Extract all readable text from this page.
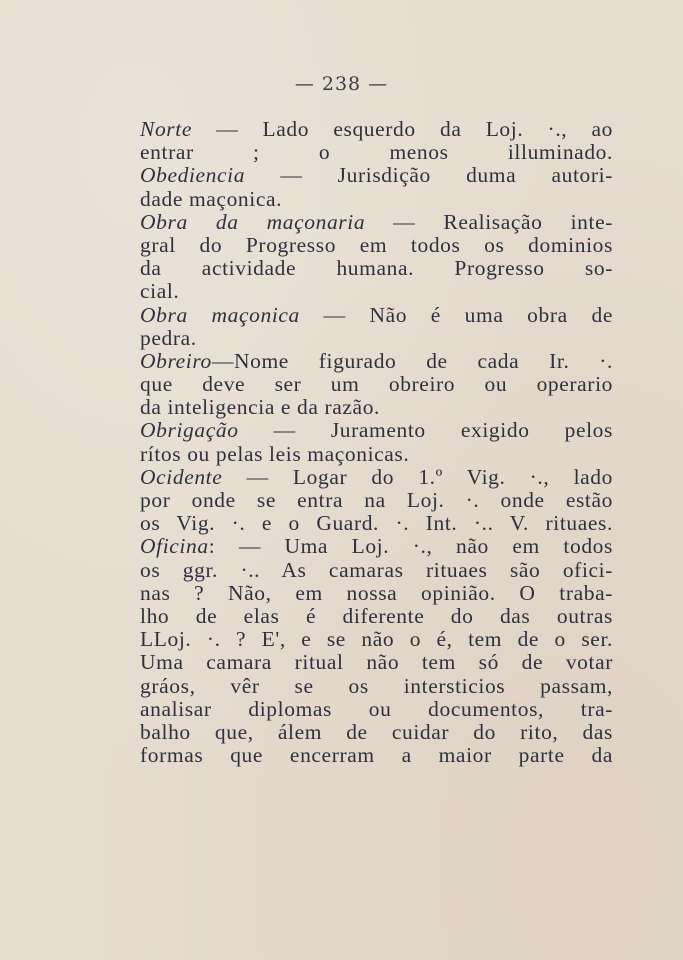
— 238 —
Norte — Lado esquerdo da Loj. ·., ao
entrar ; o menos illuminado.
Obediencia — Jurisdição duma autori-
dade maçonica.
Obra da maçonaria — Realisação inte-
gral do Progresso em todos os dominios
da actividade humana. Progresso so-
cial.
Obra maçonica — Não é uma obra de
pedra.
Obreiro—Nome figurado de cada Ir. ·.
que deve ser um obreiro ou operario
da inteligencia e da razão.
Obrigação — Juramento exigido pelos
rítos ou pelas leis maçonicas.
Ocidente — Logar do 1.º Vig. ·., lado
por onde se entra na Loj. ·. onde estão
os Vig. ·. e o Guard. ·. Int. ·.. V. rituaes.
Oficina: — Uma Loj. ·., não em todos
os ggr. ·.. As camaras rituaes são ofici-
nas ? Não, em nossa opinião. O traba-
lho de elas é diferente do das outras
LLoj. ·. ? E', e se não o é, tem de o ser.
Uma camara ritual não tem só de votar
gráos, vêr se os intersticios passam,
analisar diplomas ou documentos, tra-
balho que, álem de cuidar do rito, das
formas que encerram a maior parte da
